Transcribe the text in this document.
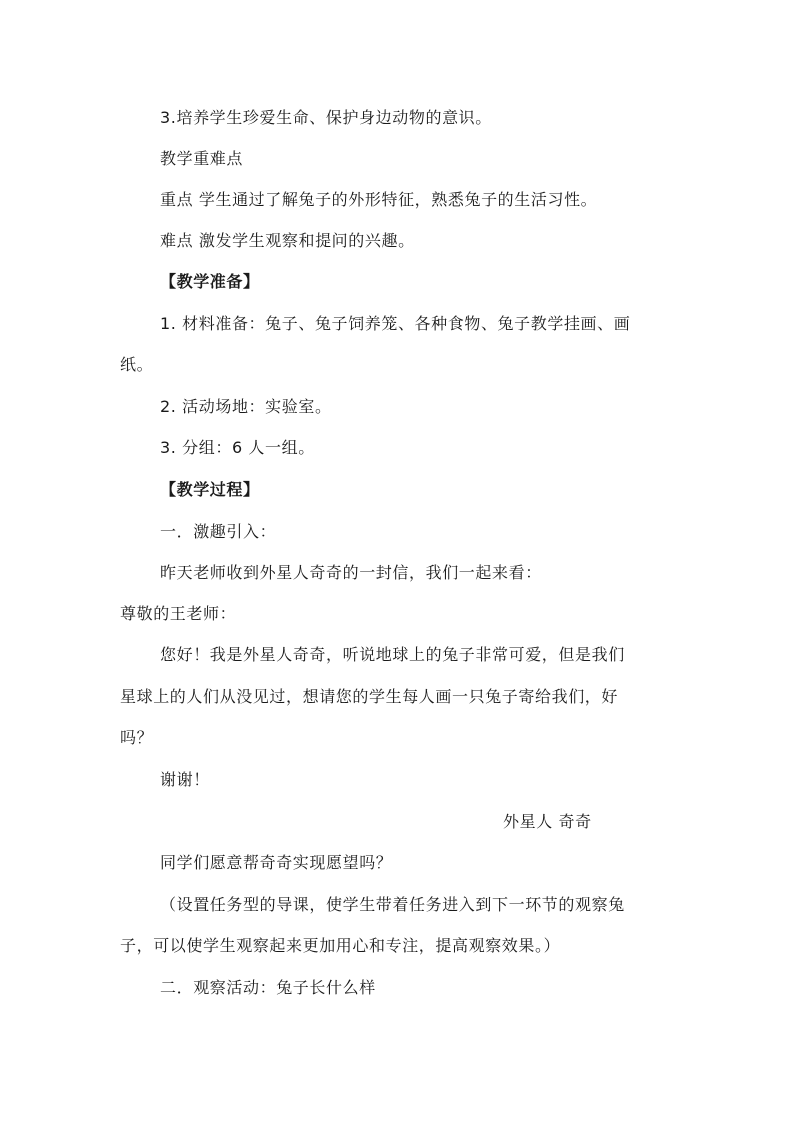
3.培养学生珍爱生命、保护身边动物的意识。
教学重难点
重点 学生通过了解兔子的外形特征，熟悉兔子的生活习性。
难点 激发学生观察和提问的兴趣。
【教学准备】
1. 材料准备：兔子、兔子饲养笼、各种食物、兔子教学挂画、画
纸。
2. 活动场地：实验室。
3. 分组：6 人一组。
【教学过程】
一．激趣引入：
昨天老师收到外星人奇奇的一封信，我们一起来看：
尊敬的王老师：
您好！我是外星人奇奇，听说地球上的兔子非常可爱，但是我们
星球上的人们从没见过，想请您的学生每人画一只兔子寄给我们，好
吗？
谢谢！
外星人 奇奇
同学们愿意帮奇奇实现愿望吗？
（设置任务型的导课，使学生带着任务进入到下一环节的观察兔
子，可以使学生观察起来更加用心和专注，提高观察效果。）
二．观察活动：兔子长什么样
